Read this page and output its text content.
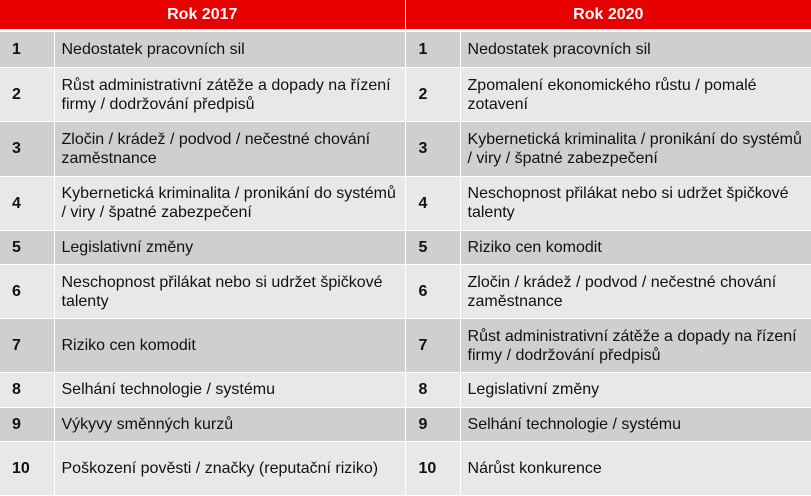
Rok 2017		Rok 2020	
1	Nedostatek pracovních sil	1	Nedostatek pracovních sil
2	Růst administrativní zátěže a dopady na řízení firmy / dodržování předpisů	2	Zpomalení ekonomického růstu / pomalé zotavení
3	Zločin / krádež / podvod / nečestné chování zaměstnance	3	Kybernetická kriminalita / pronikání do systémů / viry / špatné zabezpečení
4	Kybernetická kriminalita / pronikání do systémů / viry / špatné zabezpečení	4	Neschopnost přilákat nebo si udržet špičkové talenty
5	Legislativní změny	5	Riziko cen komodit
6	Neschopnost přilákat nebo si udržet špičkové talenty	6	Zločin / krádež / podvod / nečestné chování zaměstnance
7	Riziko cen komodit	7	Růst administrativní zátěže a dopady na řízení firmy / dodržování předpisů
8	Selhání technologie / systému	8	Legislativní změny
9	Výkyvy směnných kurzů	9	Selhání technologie / systému
10	Poškození pověsti / značky (reputační riziko)	10	Nárůst konkurence
